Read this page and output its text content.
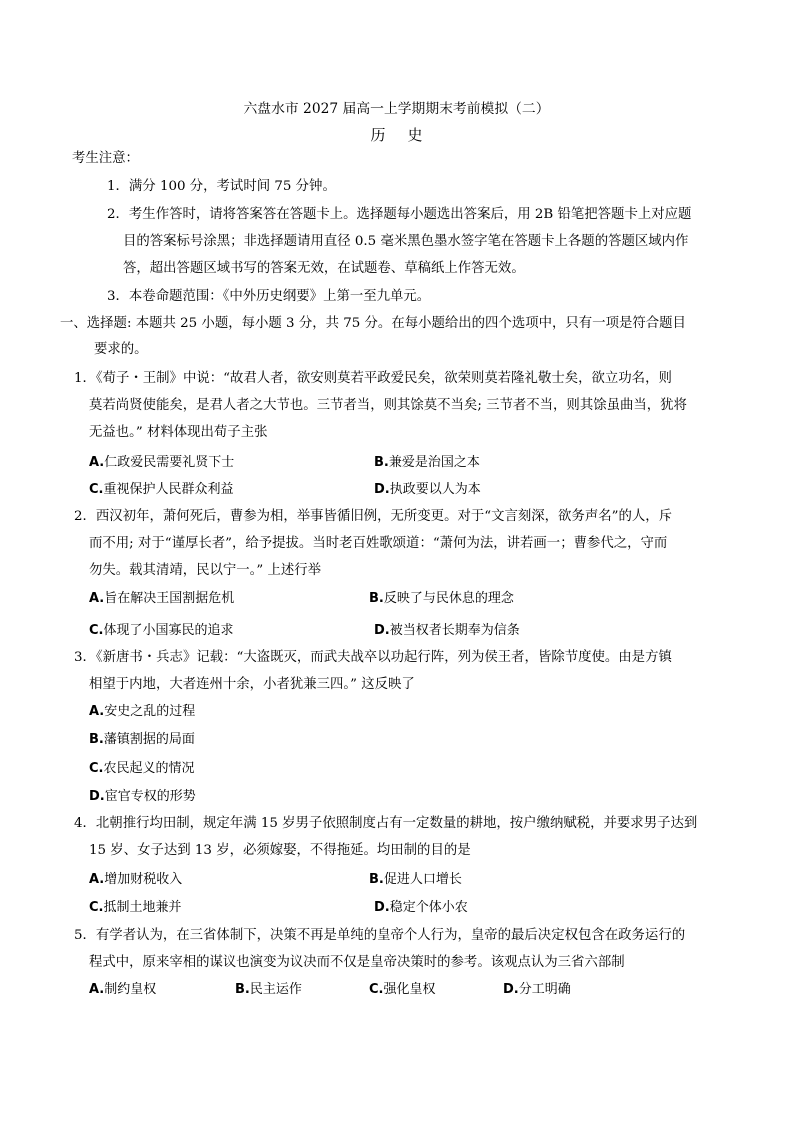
六盘水市 2027 届高一上学期期末考前模拟（二）
历史
考生注意：
1．满分 100 分，考试时间 75 分钟。
2．考生作答时，请将答案答在答题卡上。选择题每小题选出答案后，用 2B 铅笔把答题卡上对应题
目的答案标号涂黑；非选择题请用直径 0.5 毫米黑色墨水签字笔在答题卡上各题的答题区域内作
答，超出答题区域书写的答案无效，在试题卷、草稿纸上作答无效。
3．本卷命题范围：《中外历史纲要》上第一至九单元。
一、选择题: 本题共 25 小题，每小题 3 分，共 75 分。在每小题给出的四个选项中，只有一项是符合题目
要求的。
1．《荀子・王制》中说：“故君人者，欲安则莫若平政爱民矣，欲荣则莫若隆礼敬士矣，欲立功名，则
莫若尚贤使能矣，是君人者之大节也。三节者当，则其馀莫不当矣; 三节者不当，则其馀虽曲当，犹将
无益也。” 材料体现出荀子主张
A.仁政爱民需要礼贤下士	B.兼爱是治国之本
C.重视保护人民群众利益	D.执政要以人为本
2．西汉初年，萧何死后，曹参为相，举事皆循旧例，无所变更。对于“文言刻深，欲务声名”的人，斥
而不用; 对于“谨厚长者”，给予提拔。当时老百姓歌颂道：“萧何为法，讲若画一；曹参代之，守而
勿失。载其清靖，民以宁一。” 上述行举
A.旨在解决王国割据危机	B.反映了与民休息的理念
C.体现了小国寡民的追求	D.被当权者长期奉为信条
3．《新唐书・兵志》记载：“大盗既灭，而武夫战卒以功起行阵，列为侯王者，皆除节度使。由是方镇
相望于内地，大者连州十余，小者犹兼三四。” 这反映了
A.安史之乱的过程
B.藩镇割据的局面
C.农民起义的情况
D.宦官专权的形势
4．北朝推行均田制，规定年满 15 岁男子依照制度占有一定数量的耕地，按户缴纳赋税，并要求男子达到
15 岁、女子达到 13 岁，必须嫁娶，不得拖延。均田制的目的是
A.增加财税收入	B.促进人口增长
C.抵制土地兼并	D.稳定个体小农
5．有学者认为，在三省体制下，决策不再是单纯的皇帝个人行为，皇帝的最后决定权包含在政务运行的
程式中，原来宰相的谋议也演变为议决而不仅是皇帝决策时的参考。该观点认为三省六部制
A.制约皇权	B.民主运作	C.强化皇权	D.分工明确
